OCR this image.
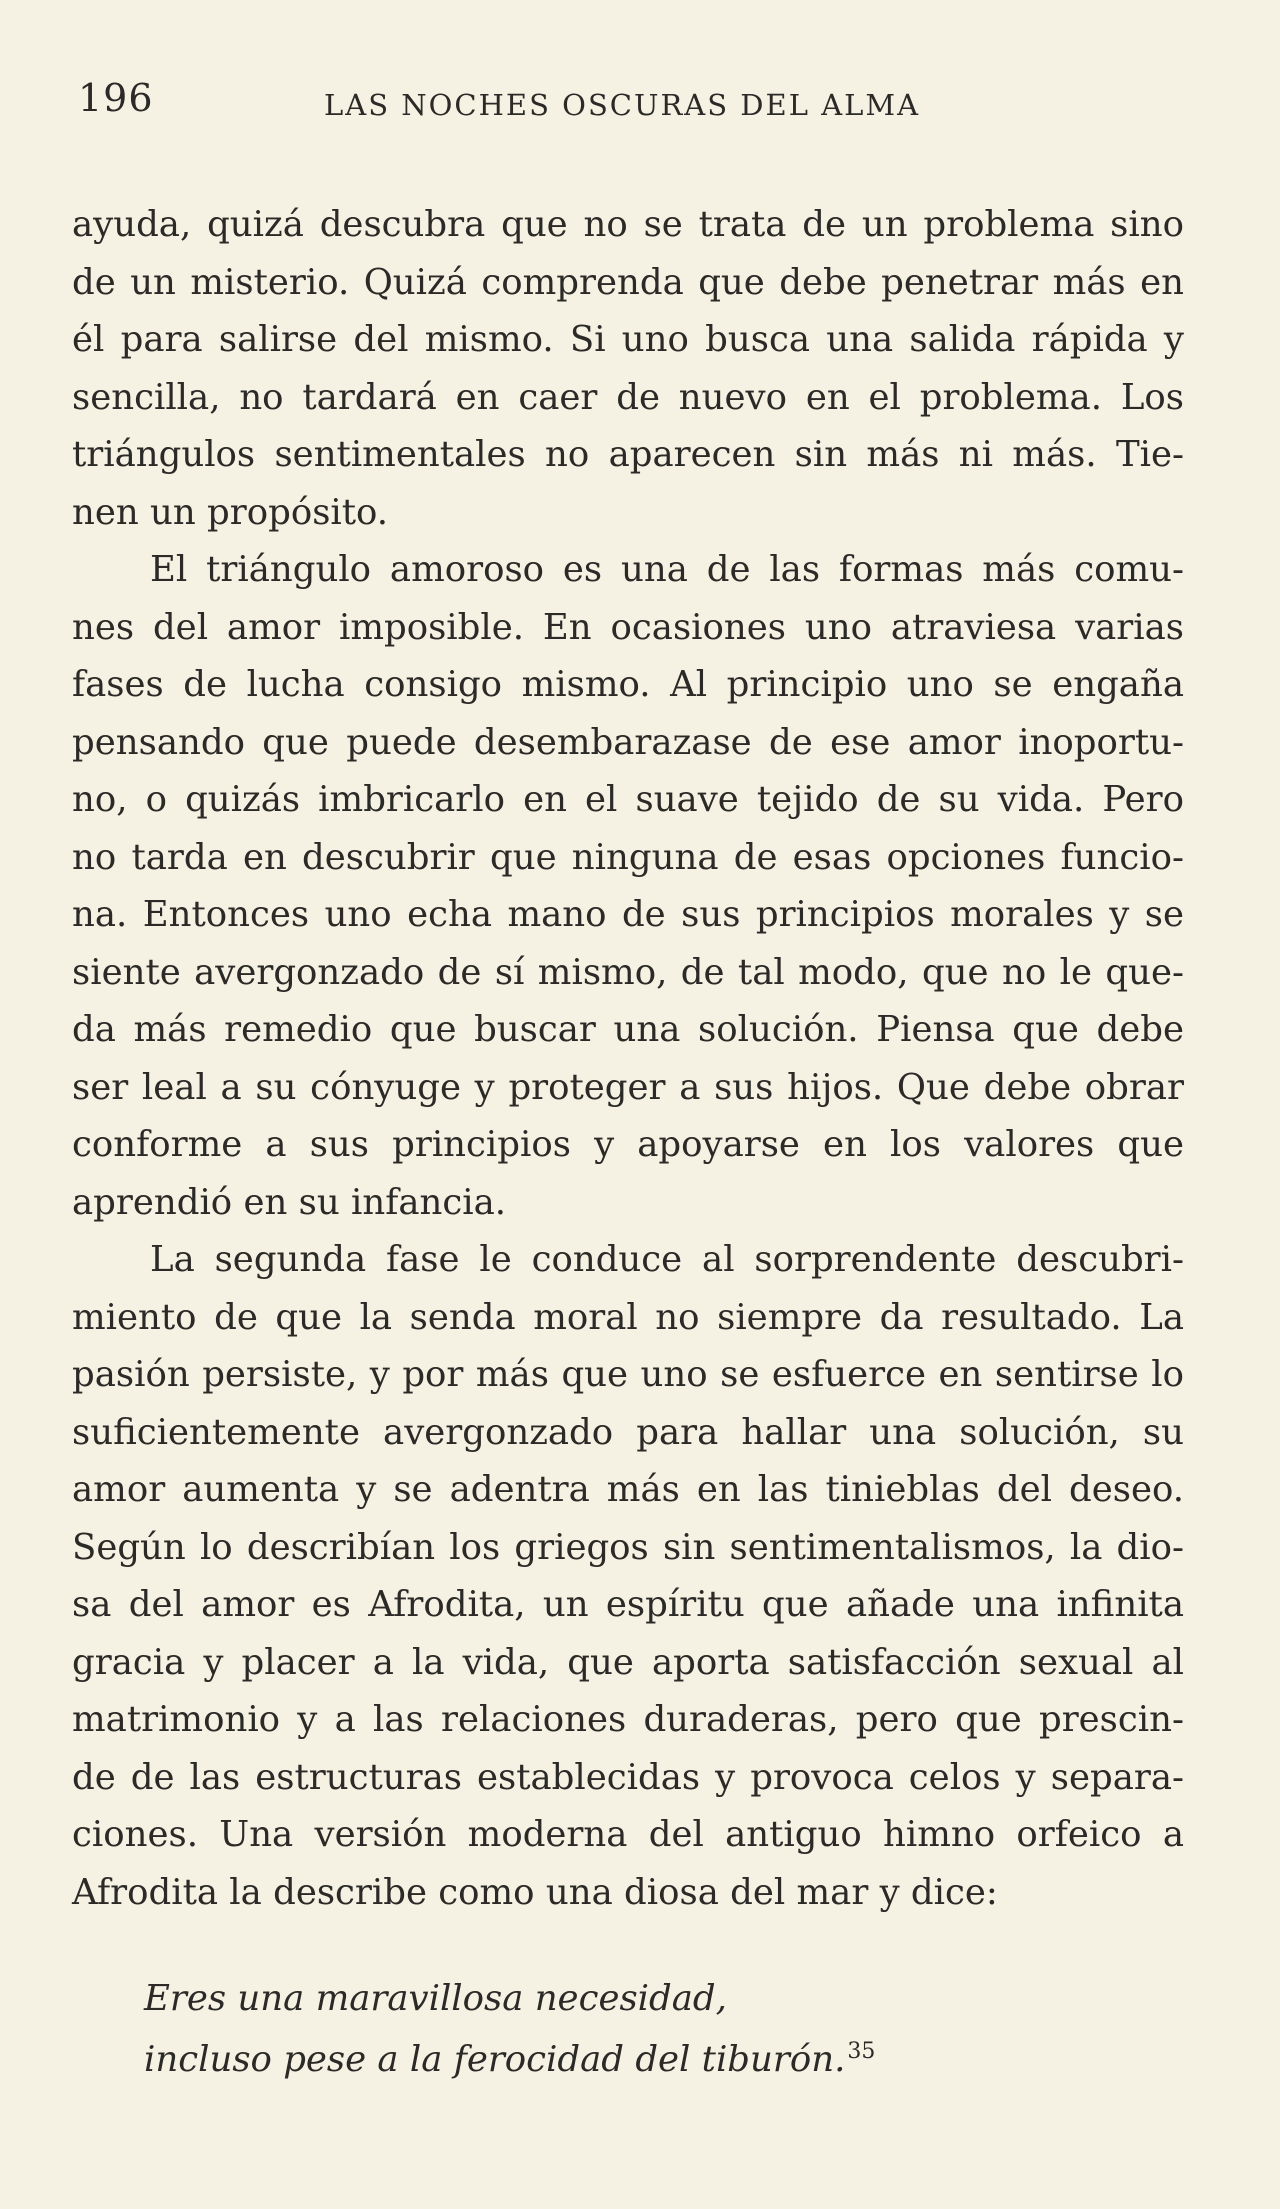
196	LAS NOCHES OSCURAS DEL ALMA
ayuda, quizá descubra que no se trata de un problema sino
de un misterio. Quizá comprenda que debe penetrar más en
él para salirse del mismo. Si uno busca una salida rápida y
sencilla, no tardará en caer de nuevo en el problema. Los
triángulos sentimentales no aparecen sin más ni más. Tie-
nen un propósito.
El triángulo amoroso es una de las formas más comu-
nes del amor imposible. En ocasiones uno atraviesa varias
fases de lucha consigo mismo. Al principio uno se engaña
pensando que puede desembarazase de ese amor inoportu-
no, o quizás imbricarlo en el suave tejido de su vida. Pero
no tarda en descubrir que ninguna de esas opciones funcio-
na. Entonces uno echa mano de sus principios morales y se
siente avergonzado de sí mismo, de tal modo, que no le que-
da más remedio que buscar una solución. Piensa que debe
ser leal a su cónyuge y proteger a sus hijos. Que debe obrar
conforme a sus principios y apoyarse en los valores que
aprendió en su infancia.
La segunda fase le conduce al sorprendente descubri-
miento de que la senda moral no siempre da resultado. La
pasión persiste, y por más que uno se esfuerce en sentirse lo
suficientemente avergonzado para hallar una solución, su
amor aumenta y se adentra más en las tinieblas del deseo.
Según lo describían los griegos sin sentimentalismos, la dio-
sa del amor es Afrodita, un espíritu que añade una infinita
gracia y placer a la vida, que aporta satisfacción sexual al
matrimonio y a las relaciones duraderas, pero que prescin-
de de las estructuras establecidas y provoca celos y separa-
ciones. Una versión moderna del antiguo himno orfeico a
Afrodita la describe como una diosa del mar y dice:
Eres una maravillosa necesidad,
incluso pese a la ferocidad del tiburón.$^{35}$
